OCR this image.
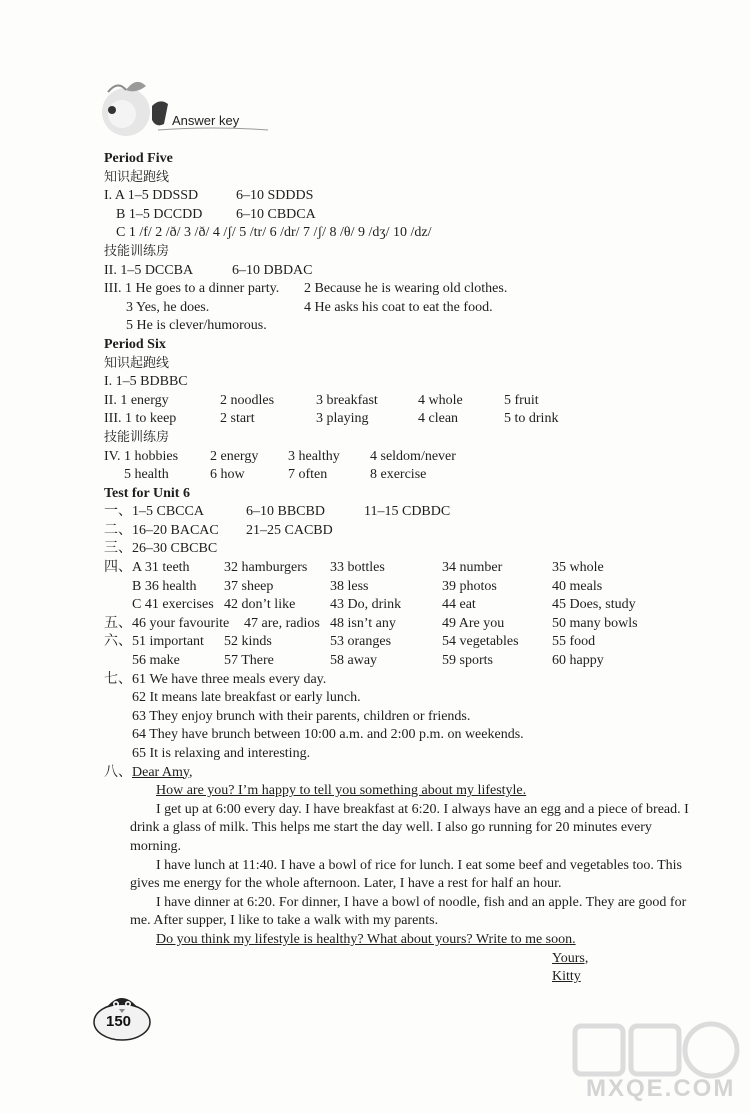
Answer key
Period Five
知识起跑线
I. A 1–5 DDSSD	6–10 SDDDS
B 1–5 DCCDD 6–10 CBDCA
C 1 /f/ 2 /ð/ 3 /ð/ 4 /ʃ/ 5 /tr/ 6 /dr/ 7 /ʃ/ 8 /θ/ 9 /dʒ/ 10 /dz/
技能训练房
II. 1–5 DCCBA	6–10 DBDAC
III. 1 He goes to a dinner party. 2 Because he is wearing old clothes.
3 Yes, he does.	4 He asks his coat to eat the food.
5 He is clever/humorous.
Period Six
知识起跑线
I. 1–5 BDBBC
II. 1 energy	2 noodles	3 breakfast	4 whole	5 fruit
III. 1 to keep	2 start	3 playing	4 clean	5 to drink
技能训练房
IV. 1 hobbies 2 energy 3 healthy 4 seldom/never
5 health	6 how	7 often	8 exercise
Test for Unit 6
一、1–5 CBCCA	6–10 BBCBD	11–15 CDBDC
二、16–20 BACAC 21–25 CACBD
三、26–30 CBCBC
四、A 31 teeth 32 hamburgers 33 bottles	34 number	35 whole
B 36 health 37 sheep	38 less	39 photos	40 meals
C 41 exercises 42 don’t like 43 Do, drink	44 eat	45 Does, study
五、46 your favourite 47 are, radios 48 isn’t any	49 Are you	50 many bowls
六、51 important 52 kinds	53 oranges	54 vegetables 55 food
56 make	57 There	58 away	59 sports	60 happy
七、61 We have three meals every day.
62 It means late breakfast or early lunch.
63 They enjoy brunch with their parents, children or friends.
64 They have brunch between 10:00 a.m. and 2:00 p.m. on weekends.
65 It is relaxing and interesting.
八、 Dear Amy,
How are you? I’m happy to tell you something about my lifestyle.
I get up at 6:00 every day. I have breakfast at 6:20. I always have an egg and a piece of bread. I drink a glass of milk. This helps me start the day well. I also go running for 20 minutes every morning.
I have lunch at 11:40. I have a bowl of rice for lunch. I eat some beef and vegetables too. This gives me energy for the whole afternoon. Later, I have a rest for half an hour.
I have dinner at 6:20. For dinner, I have a bowl of noodle, fish and an apple. They are good for me. After supper, I like to take a walk with my parents.
Do you think my lifestyle is healthy? What about yours? Write to me soon.
Yours,
Kitty
150
MXQE.COM
